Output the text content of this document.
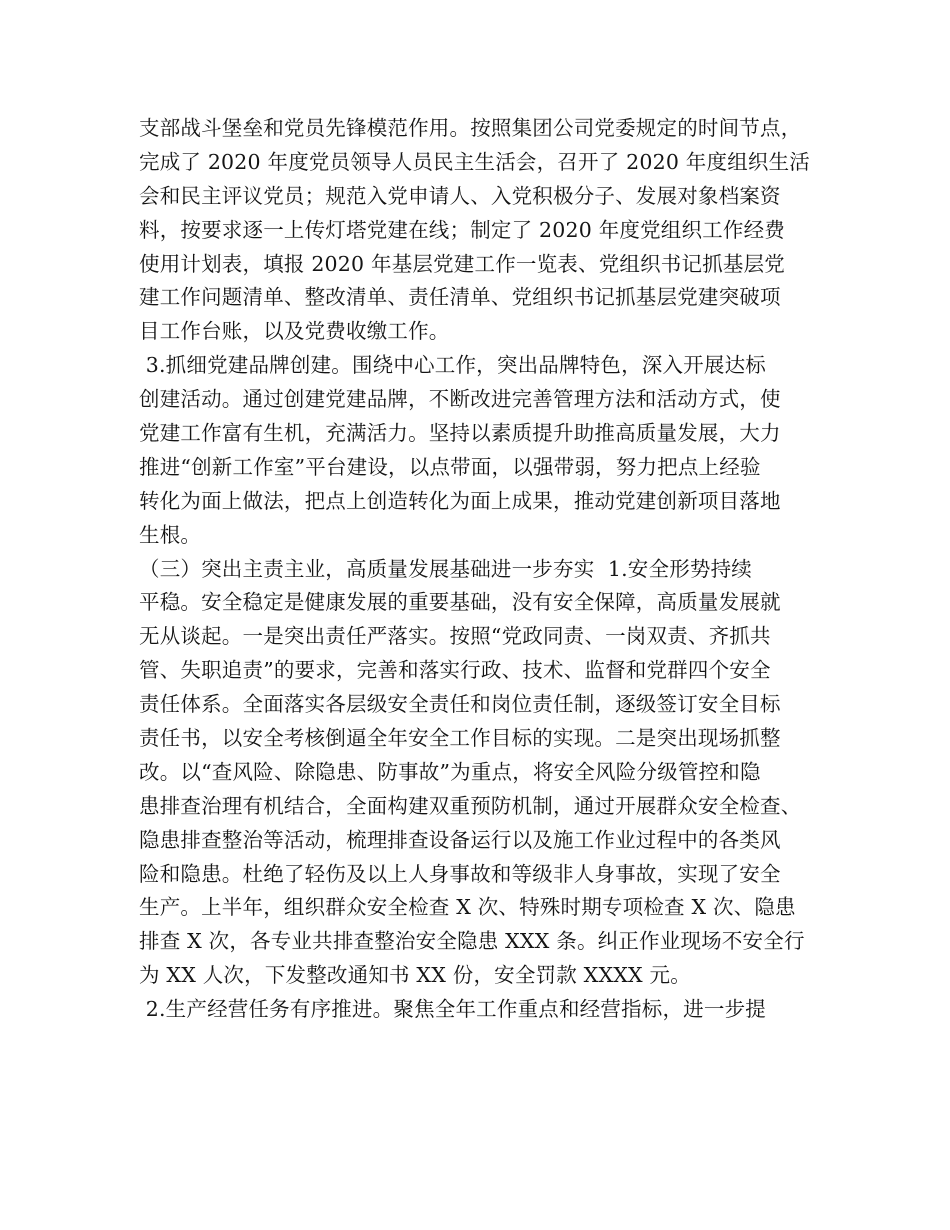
支部战斗堡垒和党员先锋模范作用。按照集团公司党委规定的时间节点，
完成了 2020 年度党员领导人员民主生活会，召开了 2020 年度组织生活
会和民主评议党员；规范入党申请人、入党积极分子、发展对象档案资
料，按要求逐一上传灯塔党建在线；制定了 2020 年度党组织工作经费
使用计划表，填报 2020 年基层党建工作一览表、党组织书记抓基层党
建工作问题清单、整改清单、责任清单、党组织书记抓基层党建突破项
目工作台账，以及党费收缴工作。
3.抓细党建品牌创建。围绕中心工作，突出品牌特色，深入开展达标
创建活动。通过创建党建品牌，不断改进完善管理方法和活动方式，使
党建工作富有生机，充满活力。坚持以素质提升助推高质量发展，大力
推进“创新工作室”平台建设，以点带面，以强带弱，努力把点上经验
转化为面上做法，把点上创造转化为面上成果，推动党建创新项目落地
生根。
（三）突出主责主业，高质量发展基础进一步夯实  1.安全形势持续
平稳。安全稳定是健康发展的重要基础，没有安全保障，高质量发展就
无从谈起。一是突出责任严落实。按照“党政同责、一岗双责、齐抓共
管、失职追责”的要求，完善和落实行政、技术、监督和党群四个安全
责任体系。全面落实各层级安全责任和岗位责任制，逐级签订安全目标
责任书，以安全考核倒逼全年安全工作目标的实现。二是突出现场抓整
改。以“查风险、除隐患、防事故”为重点，将安全风险分级管控和隐
患排查治理有机结合，全面构建双重预防机制，通过开展群众安全检查、
隐患排查整治等活动，梳理排查设备运行以及施工作业过程中的各类风
险和隐患。杜绝了轻伤及以上人身事故和等级非人身事故，实现了安全
生产。上半年，组织群众安全检查 X 次、特殊时期专项检查 X 次、隐患
排查 X 次，各专业共排查整治安全隐患 XXX 条。纠正作业现场不安全行
为 XX 人次，下发整改通知书 XX 份，安全罚款 XXXX 元。
2.生产经营任务有序推进。聚焦全年工作重点和经营指标，进一步提
